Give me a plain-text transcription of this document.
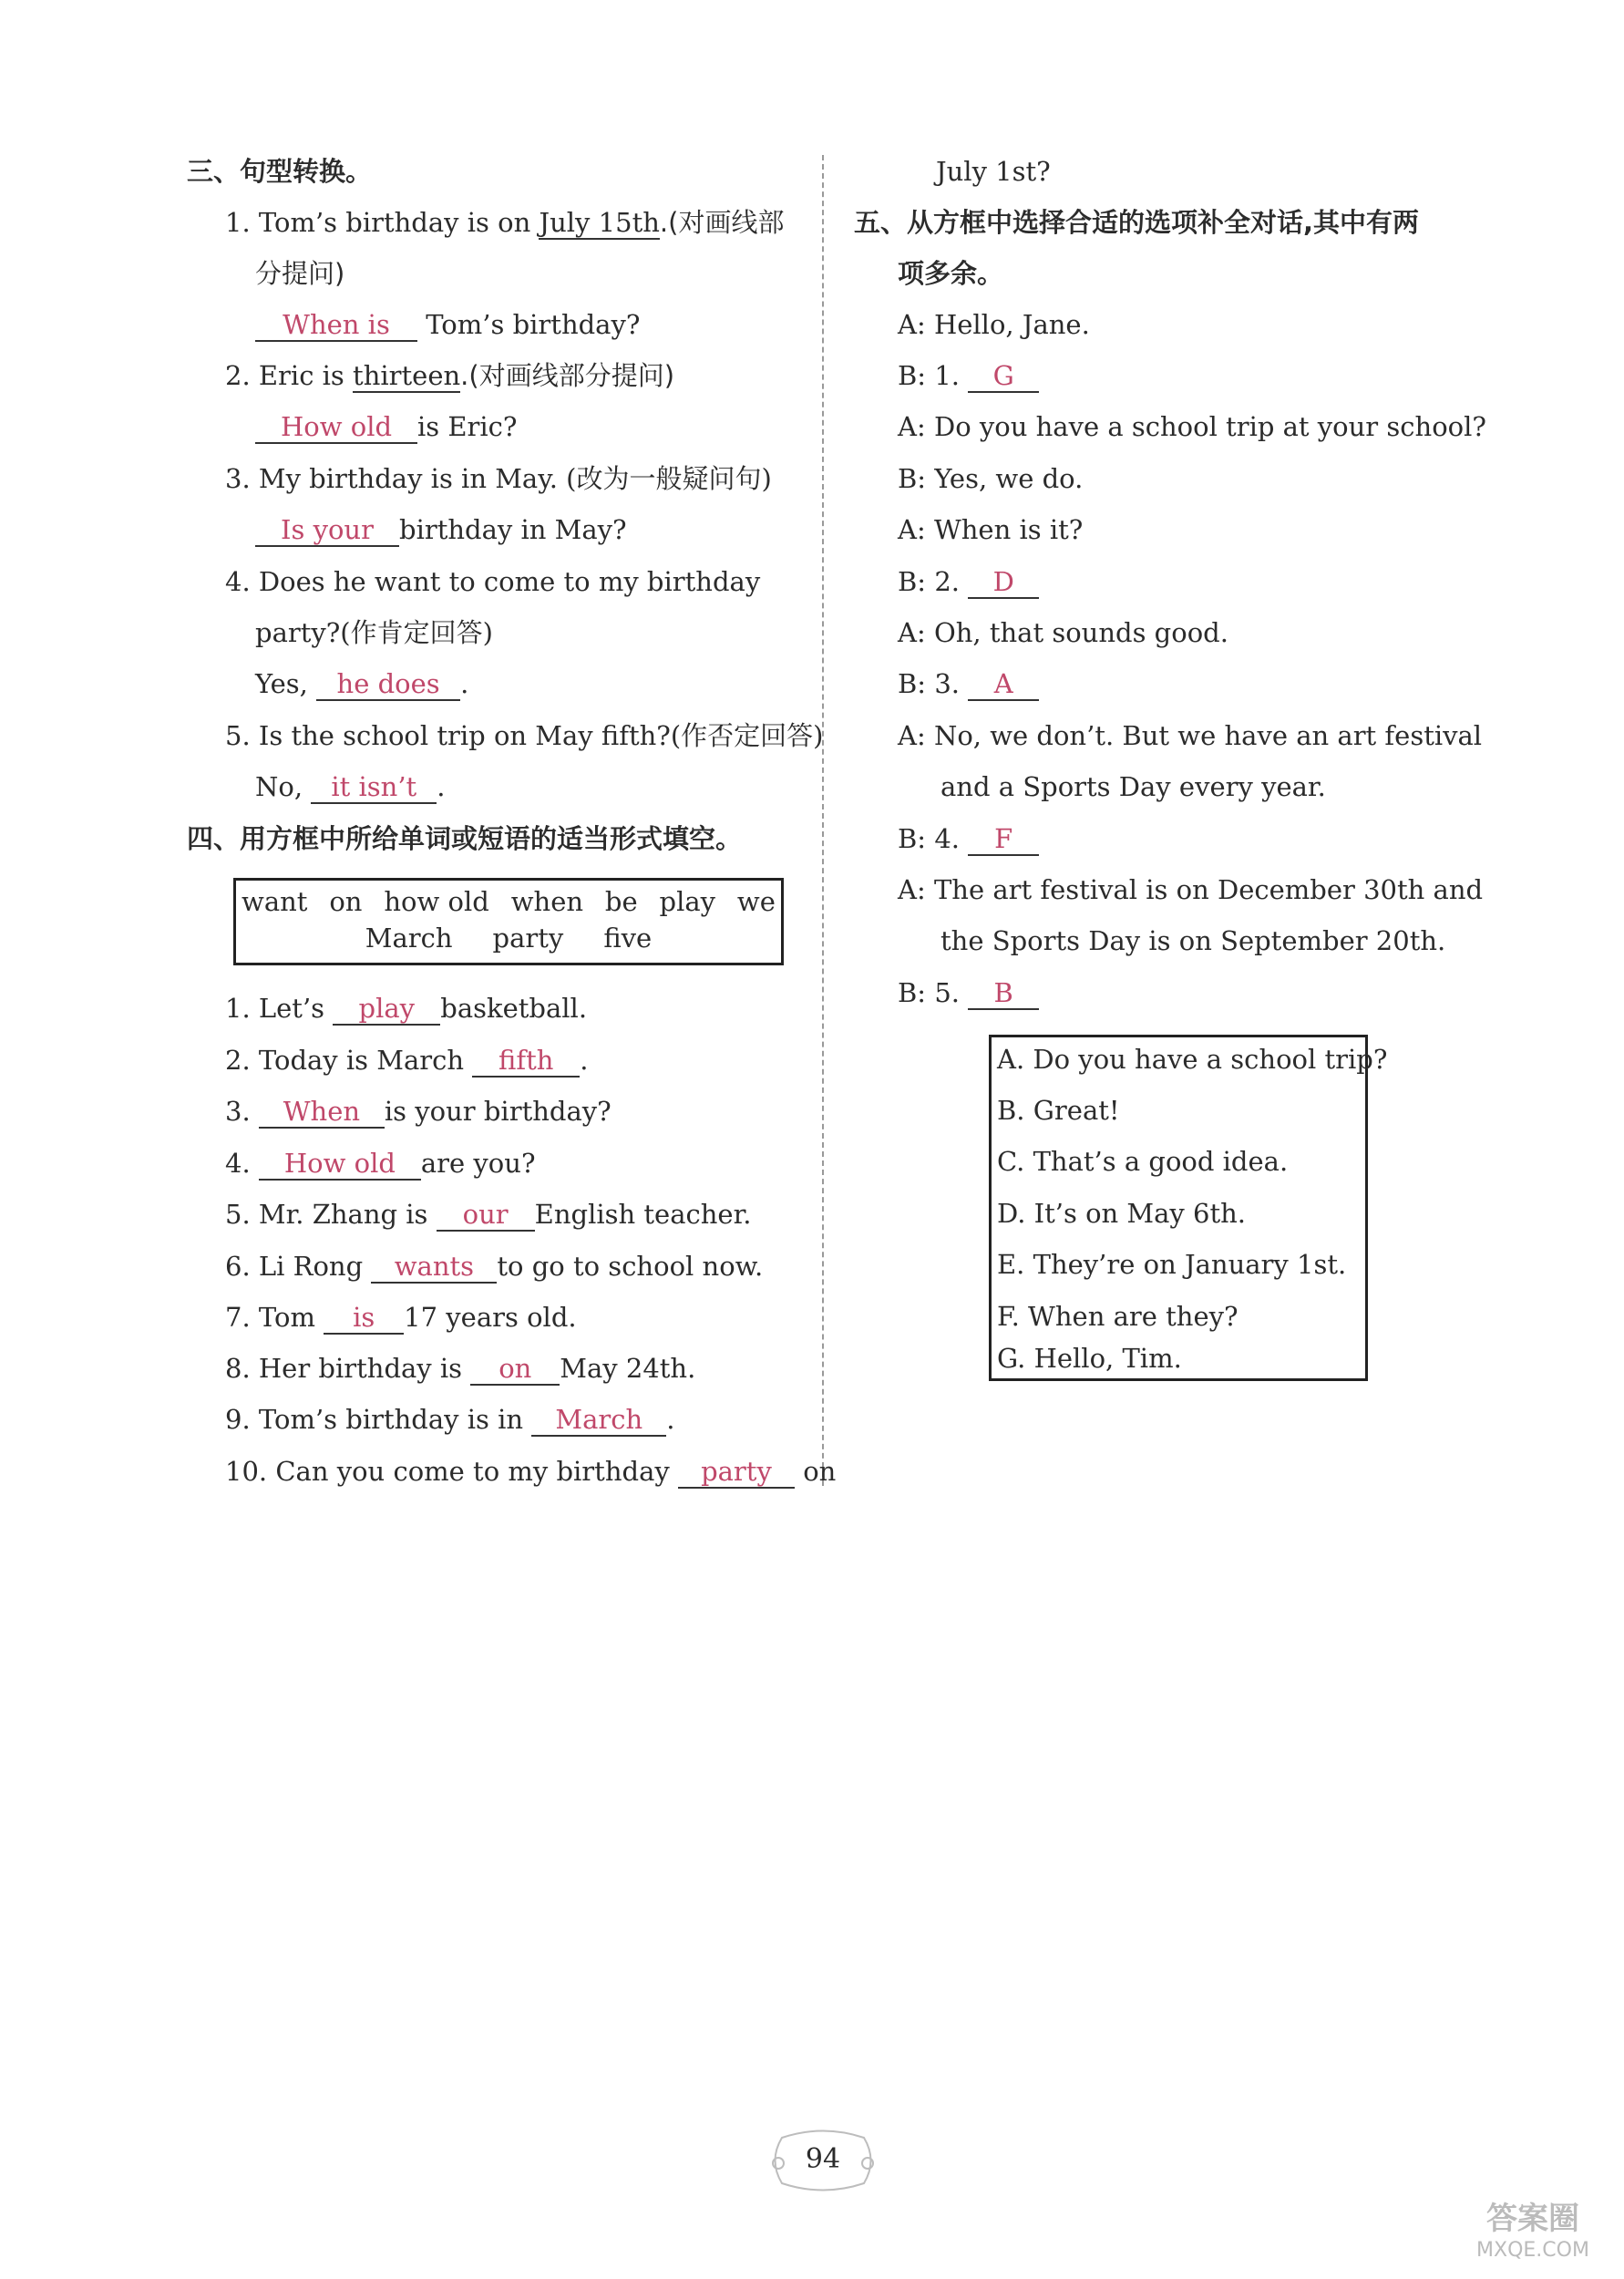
三、句型转换。
1. Tom’s birthday is on July 15th.(对画线部
分提问)
When is Tom’s birthday?
2. Eric is thirteen.(对画线部分提问)
How old is Eric?
3. My birthday is in May. (改为一般疑问句)
Is your birthday in May?
4. Does he want to come to my birthday
party?(作肯定回答)
Yes, he does .
5. Is the school trip on May fifth?(作否定回答)
No, it isn’t .
四、用方框中所给单词或短语的适当形式填空。
want on how old when be play we
March party five
1. Let’s play basketball.
2. Today is March fifth .
3. When is your birthday?
4. How old are you?
5. Mr. Zhang is our English teacher.
6. Li Rong wants to go to school now.
7. Tom is 17 years old.
8. Her birthday is on May 24th.
9. Tom’s birthday is in March .
10. Can you come to my birthday party on
July 1st?
五、从方框中选择合适的选项补全对话,其中有两
项多余。
A: Hello, Jane.
B: 1. G
A: Do you have a school trip at your school?
B: Yes, we do.
A: When is it?
B: 2. D
A: Oh, that sounds good.
B: 3. A
A: No, we don’t. But we have an art festival
and a Sports Day every year.
B: 4. F
A: The art festival is on December 30th and
the Sports Day is on September 20th.
B: 5. B
A. Do you have a school trip?
B. Great!
C. That’s a good idea.
D. It’s on May 6th.
E. They’re on January 1st.
F. When are they?
G. Hello, Tim.
94
答案圈
MXQE.COM
